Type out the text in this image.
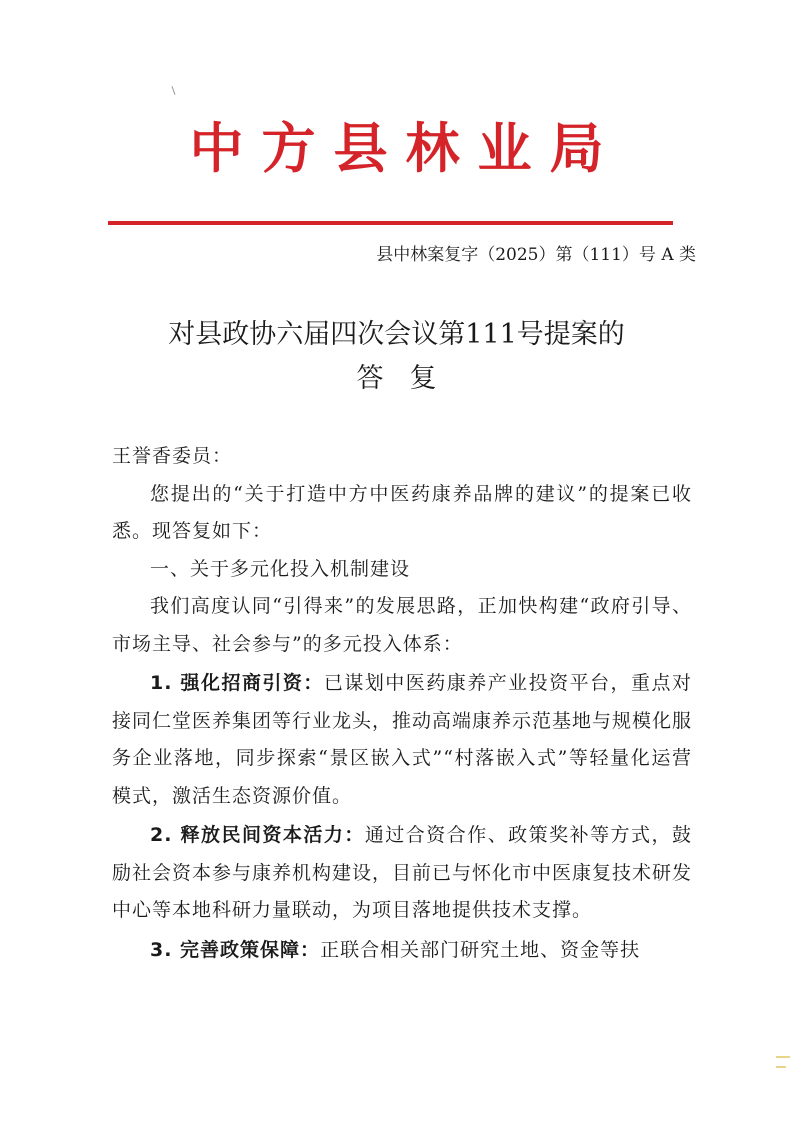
中方县林业局
县中林案复字（2025）第（111）号 A 类
对县政协六届四次会议第111号提案的
答复

王誉香委员：

您提出的“关于打造中方中医药康养品牌的建议”的提案已收悉。现答复如下：

一、关于多元化投入机制建设

我们高度认同“引得来”的发展思路，正加快构建“政府引导、市场主导、社会参与”的多元投入体系：

1. 强化招商引资：已谋划中医药康养产业投资平台，重点对接同仁堂医养集团等行业龙头，推动高端康养示范基地与规模化服务企业落地，同步探索“景区嵌入式”“村落嵌入式”等轻量化运营模式，激活生态资源价值。

2. 释放民间资本活力：通过合资合作、政策奖补等方式，鼓励社会资本参与康养机构建设，目前已与怀化市中医康复技术研发中心等本地科研力量联动，为项目落地提供技术支撑。

3. 完善政策保障：正联合相关部门研究土地、资金等扶
